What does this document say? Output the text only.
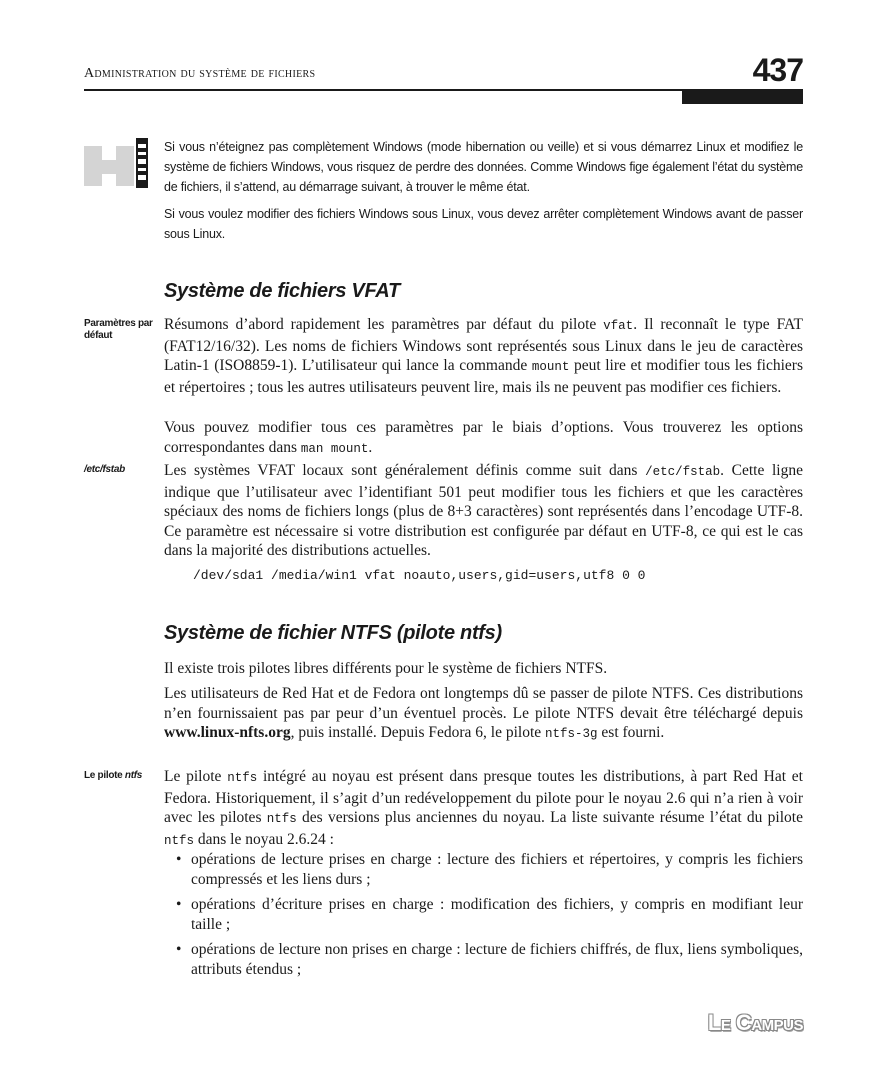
Administration du système de fichiers	437
Si vous n’éteignez pas complètement Windows (mode hibernation ou veille) et si vous démarrez Linux et modifiez le système de fichiers Windows, vous risquez de perdre des données. Comme Windows fige également l’état du système de fichiers, il s’attend, au démarrage suivant, à trouver le même état.
Si vous voulez modifier des fichiers Windows sous Linux, vous devez arrêter complètement Windows avant de passer sous Linux.
Système de fichiers VFAT
Paramètres par défaut
Résumons d’abord rapidement les paramètres par défaut du pilote vfat. Il reconnaît le type FAT (FAT12/16/32). Les noms de fichiers Windows sont représentés sous Linux dans le jeu de caractères Latin-1 (ISO8859-1). L’utilisateur qui lance la commande mount peut lire et modifier tous les fichiers et répertoires ; tous les autres utilisateurs peuvent lire, mais ils ne peuvent pas modifier ces fichiers.
Vous pouvez modifier tous ces paramètres par le biais d’options. Vous trouverez les options correspondantes dans man mount.
/etc/fstab	Les systèmes VFAT locaux sont généralement définis comme suit dans /etc/fstab. Cette ligne indique que l’utilisateur avec l’identifiant 501 peut modifier tous les fichiers et que les caractères spéciaux des noms de fichiers longs (plus de 8+3 caractères) sont représentés dans l’encodage UTF-8. Ce paramètre est nécessaire si votre distribution est configurée par défaut en UTF-8, ce qui est le cas dans la majorité des distributions actuelles.
/dev/sda1 /media/win1 vfat noauto,users,gid=users,utf8 0 0
Système de fichier NTFS (pilote ntfs)
Il existe trois pilotes libres différents pour le système de fichiers NTFS.
Les utilisateurs de Red Hat et de Fedora ont longtemps dû se passer de pilote NTFS. Ces distributions n’en fournissaient pas par peur d’un éventuel procès. Le pilote NTFS devait être téléchargé depuis www.linux-nfts.org, puis installé. Depuis Fedora 6, le pilote ntfs-3g est fourni.
Le pilote ntfs	Le pilote ntfs intégré au noyau est présent dans presque toutes les distributions, à part Red Hat et Fedora. Historiquement, il s’agit d’un redéveloppement du pilote pour le noyau 2.6 qui n’a rien à voir avec les pilotes ntfs des versions plus anciennes du noyau. La liste suivante résume l’état du pilote ntfs dans le noyau 2.6.24 :
• opérations de lecture prises en charge : lecture des fichiers et répertoires, y compris les fichiers compressés et les liens durs ;
• opérations d’écriture prises en charge : modification des fichiers, y compris en modifiant leur taille ;
• opérations de lecture non prises en charge : lecture de fichiers chiffrés, de flux, liens symboliques, attributs étendus ;
Le Campus
